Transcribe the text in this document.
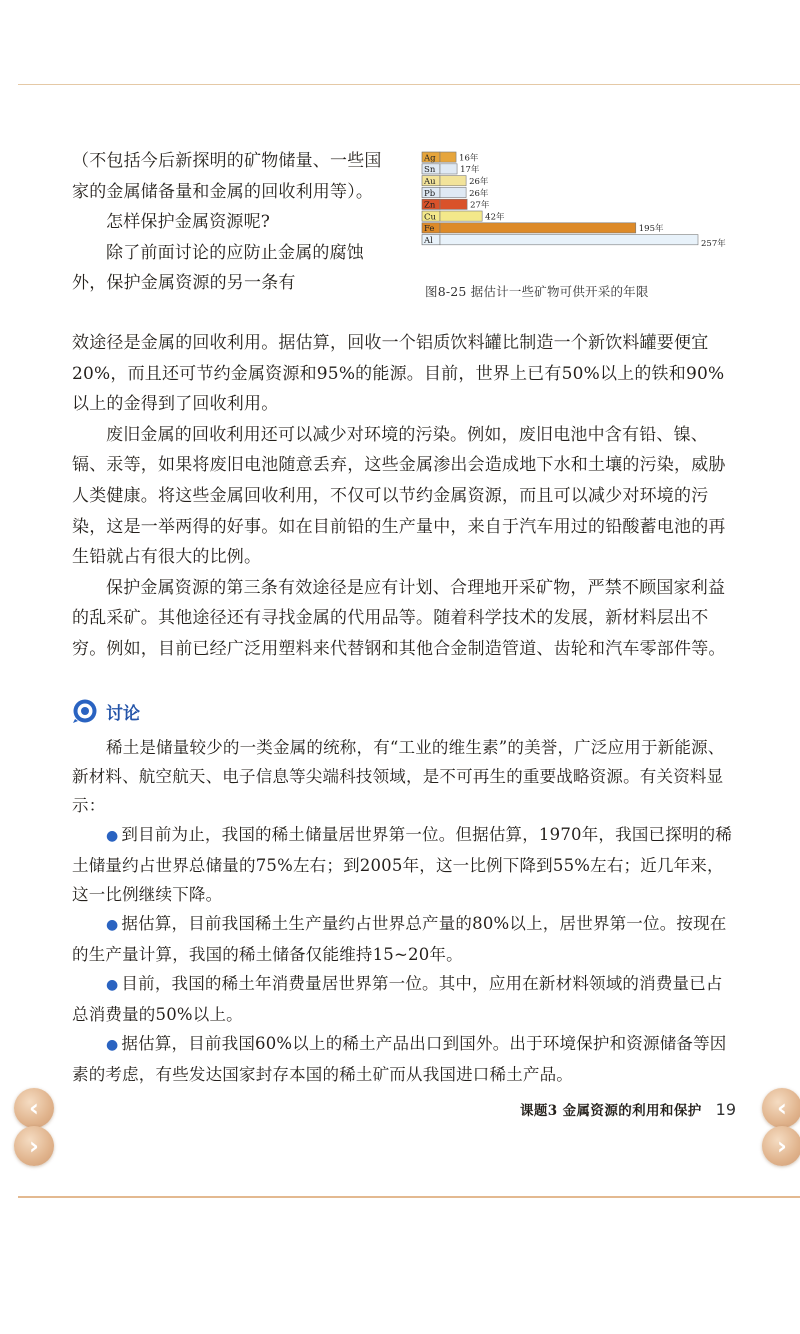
（不包括今后新探明的矿物储量、一些国家的金属储备量和金属的回收利用等）。

怎样保护金属资源呢?

除了前面讨论的应防止金属的腐蚀外，保护金属资源的另一条有

Ag	16年
Sn	17年
Au	26年
Pb	26年
Zn	27年
Cu	42年
Fe	195年
Al	257年
图8-25 据估计一些矿物可供开采的年限

效途径是金属的回收利用。据估算，回收一个铝质饮料罐比制造一个新饮料罐要便宜20%，而且还可节约金属资源和95%的能源。目前，世界上已有50%以上的铁和90%以上的金得到了回收利用。

废旧金属的回收利用还可以减少对环境的污染。例如，废旧电池中含有铅、镍、镉、汞等，如果将废旧电池随意丢弃，这些金属渗出会造成地下水和土壤的污染，威胁人类健康。将这些金属回收利用，不仅可以节约金属资源，而且可以减少对环境的污染，这是一举两得的好事。如在目前铅的生产量中，来自于汽车用过的铅酸蓄电池的再生铅就占有很大的比例。

保护金属资源的第三条有效途径是应有计划、合理地开采矿物，严禁不顾国家利益的乱采矿。其他途径还有寻找金属的代用品等。随着科学技术的发展，新材料层出不穷。例如，目前已经广泛用塑料来代替钢和其他合金制造管道、齿轮和汽车零部件等。

讨论

稀土是储量较少的一类金属的统称，有“工业的维生素”的美誉，广泛应用于新能源、新材料、航空航天、电子信息等尖端科技领域，是不可再生的重要战略资源。有关资料显示：

● 到目前为止，我国的稀土储量居世界第一位。但据估算，1970年，我国已探明的稀土储量约占世界总储量的75%左右；到2005年，这一比例下降到55%左右；近几年来，这一比例继续下降。

● 据估算，目前我国稀土生产量约占世界总产量的80%以上，居世界第一位。按现在的生产量计算，我国的稀土储备仅能维持15~20年。

● 目前，我国的稀土年消费量居世界第一位。其中，应用在新材料领域的消费量已占总消费量的50%以上。

● 据估算，目前我国60%以上的稀土产品出口到国外。出于环境保护和资源储备等因素的考虑，有些发达国家封存本国的稀土矿而从我国进口稀土产品。

课题3 金属资源的利用和保护 19
‹
›
‹
›
